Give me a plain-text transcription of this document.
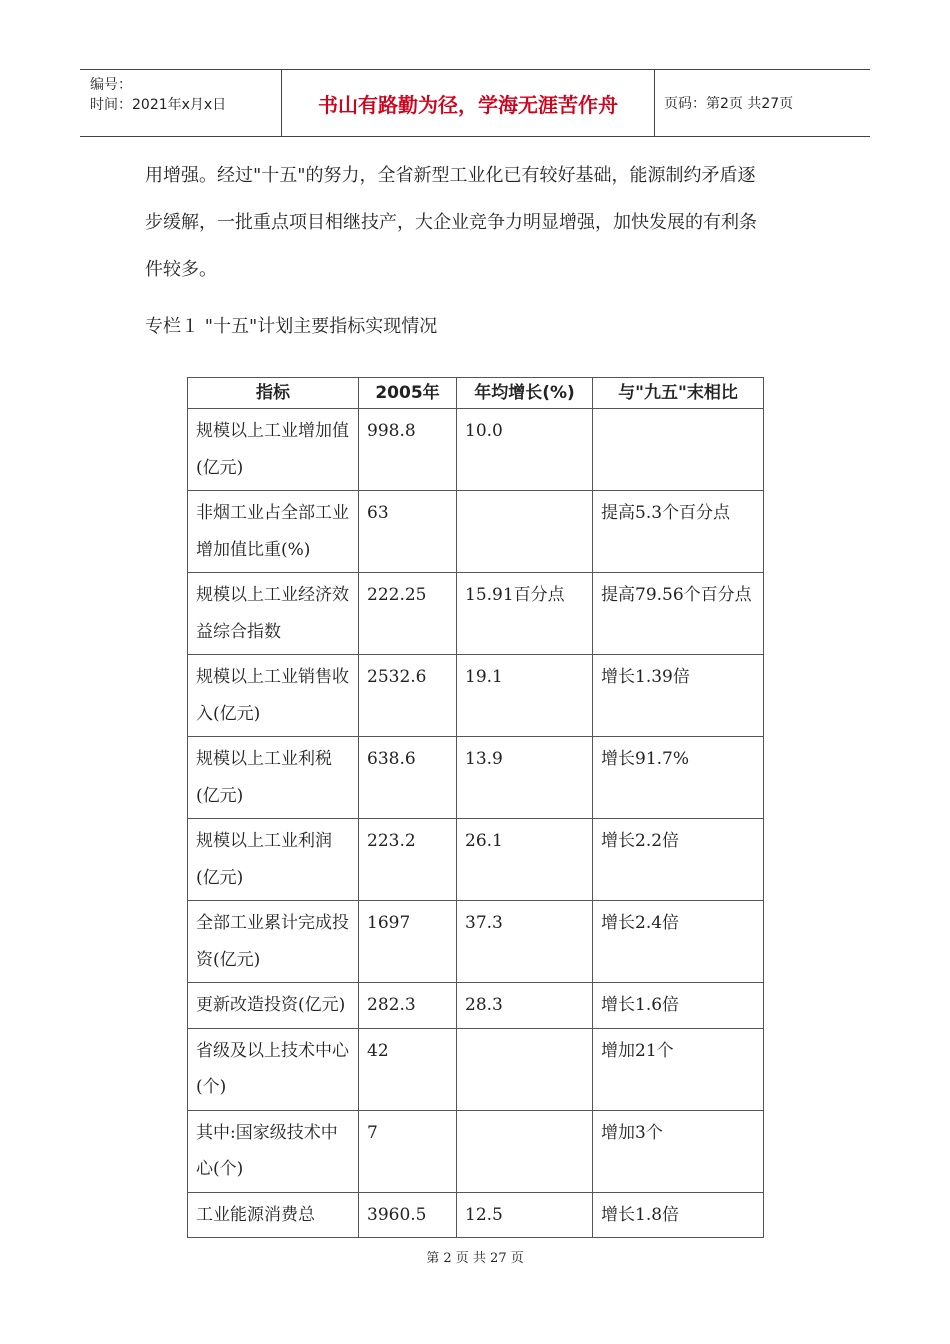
编号：
时间：2021年x月x日	书山有路勤为径，学海无涯苦作舟	页码：第2页 共27页
用增强。经过"十五"的努力，全省新型工业化已有较好基础，能源制约矛盾逐
步缓解，一批重点项目相继技产，大企业竞争力明显增强，加快发展的有利条
件较多。
专栏１ "十五"计划主要指标实现情况
指标	2005年	年均增长(%)	与"九五"末相比
规模以上工业增加值(亿元)	998.8	10.0	
非烟工业占全部工业增加值比重(%)	63		提高5.3个百分点
规模以上工业经济效益综合指数	222.25	15.91百分点	提高79.56个百分点
规模以上工业销售收入(亿元)	2532.6	19.1	增长1.39倍
规模以上工业利税(亿元)	638.6	13.9	增长91.7%
规模以上工业利润(亿元)	223.2	26.1	增长2.2倍
全部工业累计完成投资(亿元)	1697	37.3	增长2.4倍
更新改造投资(亿元)	282.3	28.3	增长1.6倍
省级及以上技术中心(个)	42		增加21个
其中:国家级技术中心(个)	7		增加3个
工业能源消费总	3960.5	12.5	增长1.8倍
第 2 页 共 27 页
